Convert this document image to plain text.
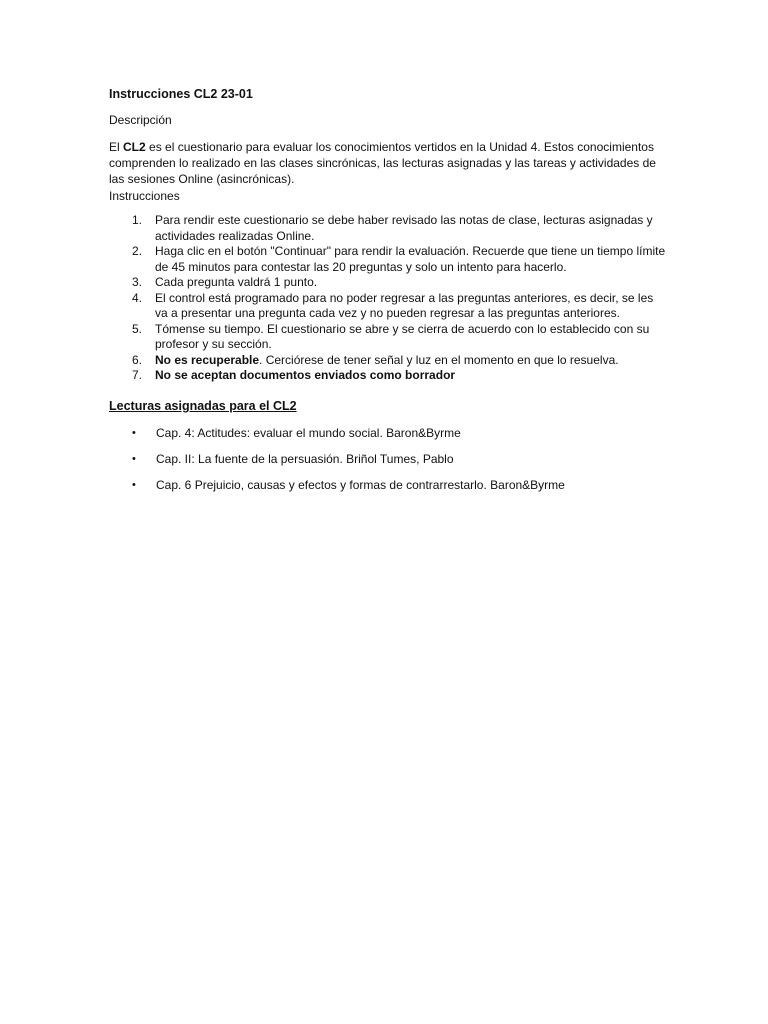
Instrucciones CL2 23-01
Descripción
El CL2 es el cuestionario para evaluar los conocimientos vertidos en la Unidad 4. Estos conocimientos comprenden lo realizado en las clases sincrónicas, las lecturas asignadas y las tareas y actividades de las sesiones Online (asincrónicas).
Instrucciones
1. Para rendir este cuestionario se debe haber revisado las notas de clase, lecturas asignadas y actividades realizadas Online.
2. Haga clic en el botón "Continuar" para rendir la evaluación. Recuerde que tiene un tiempo límite de 45 minutos para contestar las 20 preguntas y solo un intento para hacerlo.
3. Cada pregunta valdrá 1 punto.
4. El control está programado para no poder regresar a las preguntas anteriores, es decir, se les va a presentar una pregunta cada vez y no pueden regresar a las preguntas anteriores.
5. Tómense su tiempo. El cuestionario se abre y se cierra de acuerdo con lo establecido con su profesor y su sección.
6. No es recuperable. Cerciórese de tener señal y luz en el momento en que lo resuelva.
7. No se aceptan documentos enviados como borrador
Lecturas asignadas para el CL2
• Cap. 4: Actitudes: evaluar el mundo social. Baron&Byrme
• Cap. II: La fuente de la persuasión. Briñol Tumes, Pablo
• Cap. 6 Prejuicio, causas y efectos y formas de contrarrestarlo. Baron&Byrme
